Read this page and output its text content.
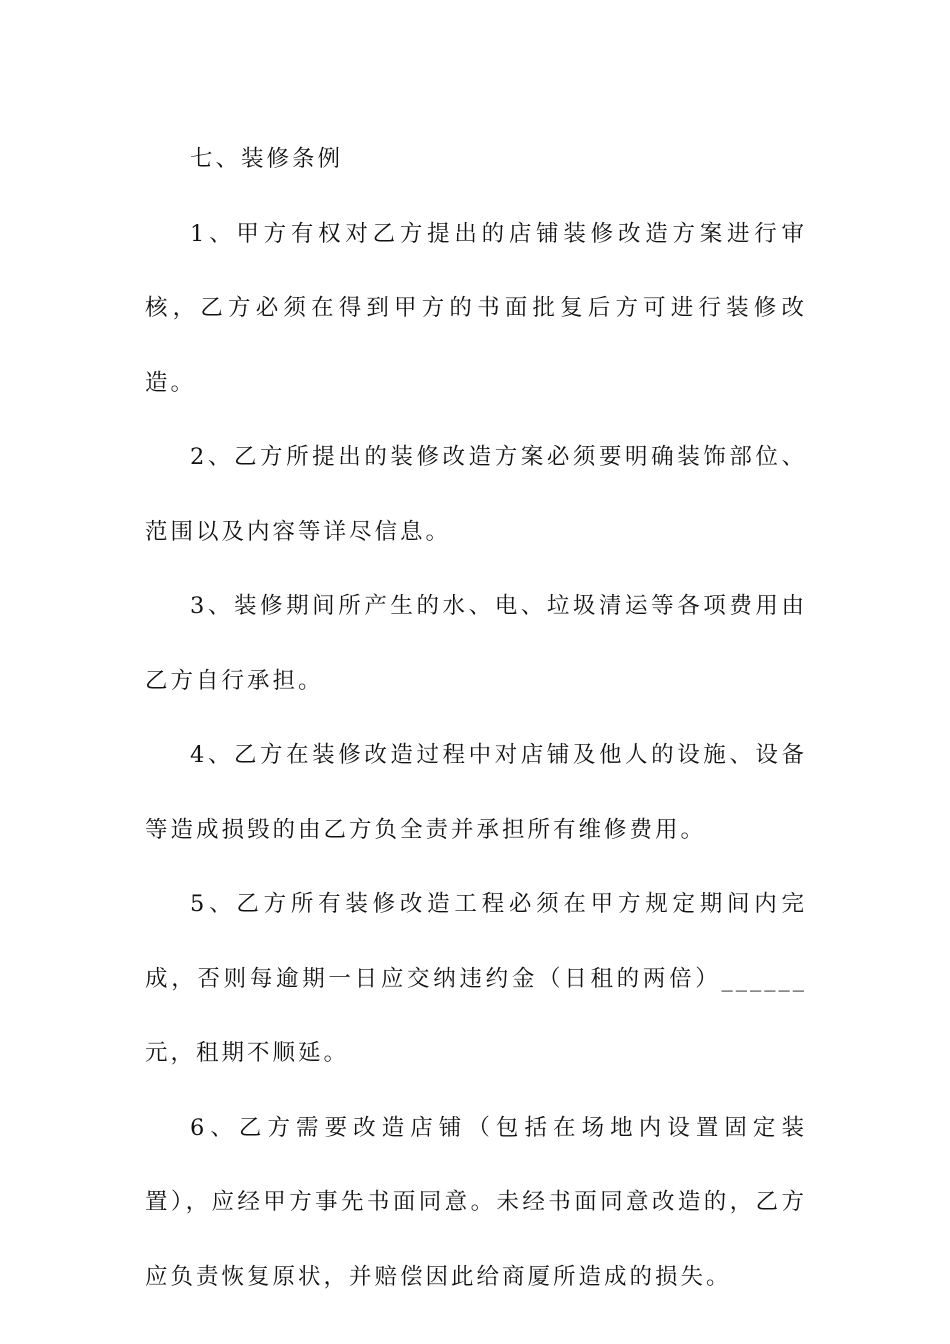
七、装修条例

1、甲方有权对乙方提出的店铺装修改造方案进行审核，乙方必须在得到甲方的书面批复后方可进行装修改造。

2、乙方所提出的装修改造方案必须要明确装饰部位、范围以及内容等详尽信息。

3、装修期间所产生的水、电、垃圾清运等各项费用由乙方自行承担。

4、乙方在装修改造过程中对店铺及他人的设施、设备等造成损毁的由乙方负全责并承担所有维修费用。

5、乙方所有装修改造工程必须在甲方规定期间内完成，否则每逾期一日应交纳违约金（日租的两倍）______元，租期不顺延。

6、乙方需要改造店铺（包括在场地内设置固定装置），应经甲方事先书面同意。未经书面同意改造的，乙方应负责恢复原状，并赔偿因此给商厦所造成的损失。
